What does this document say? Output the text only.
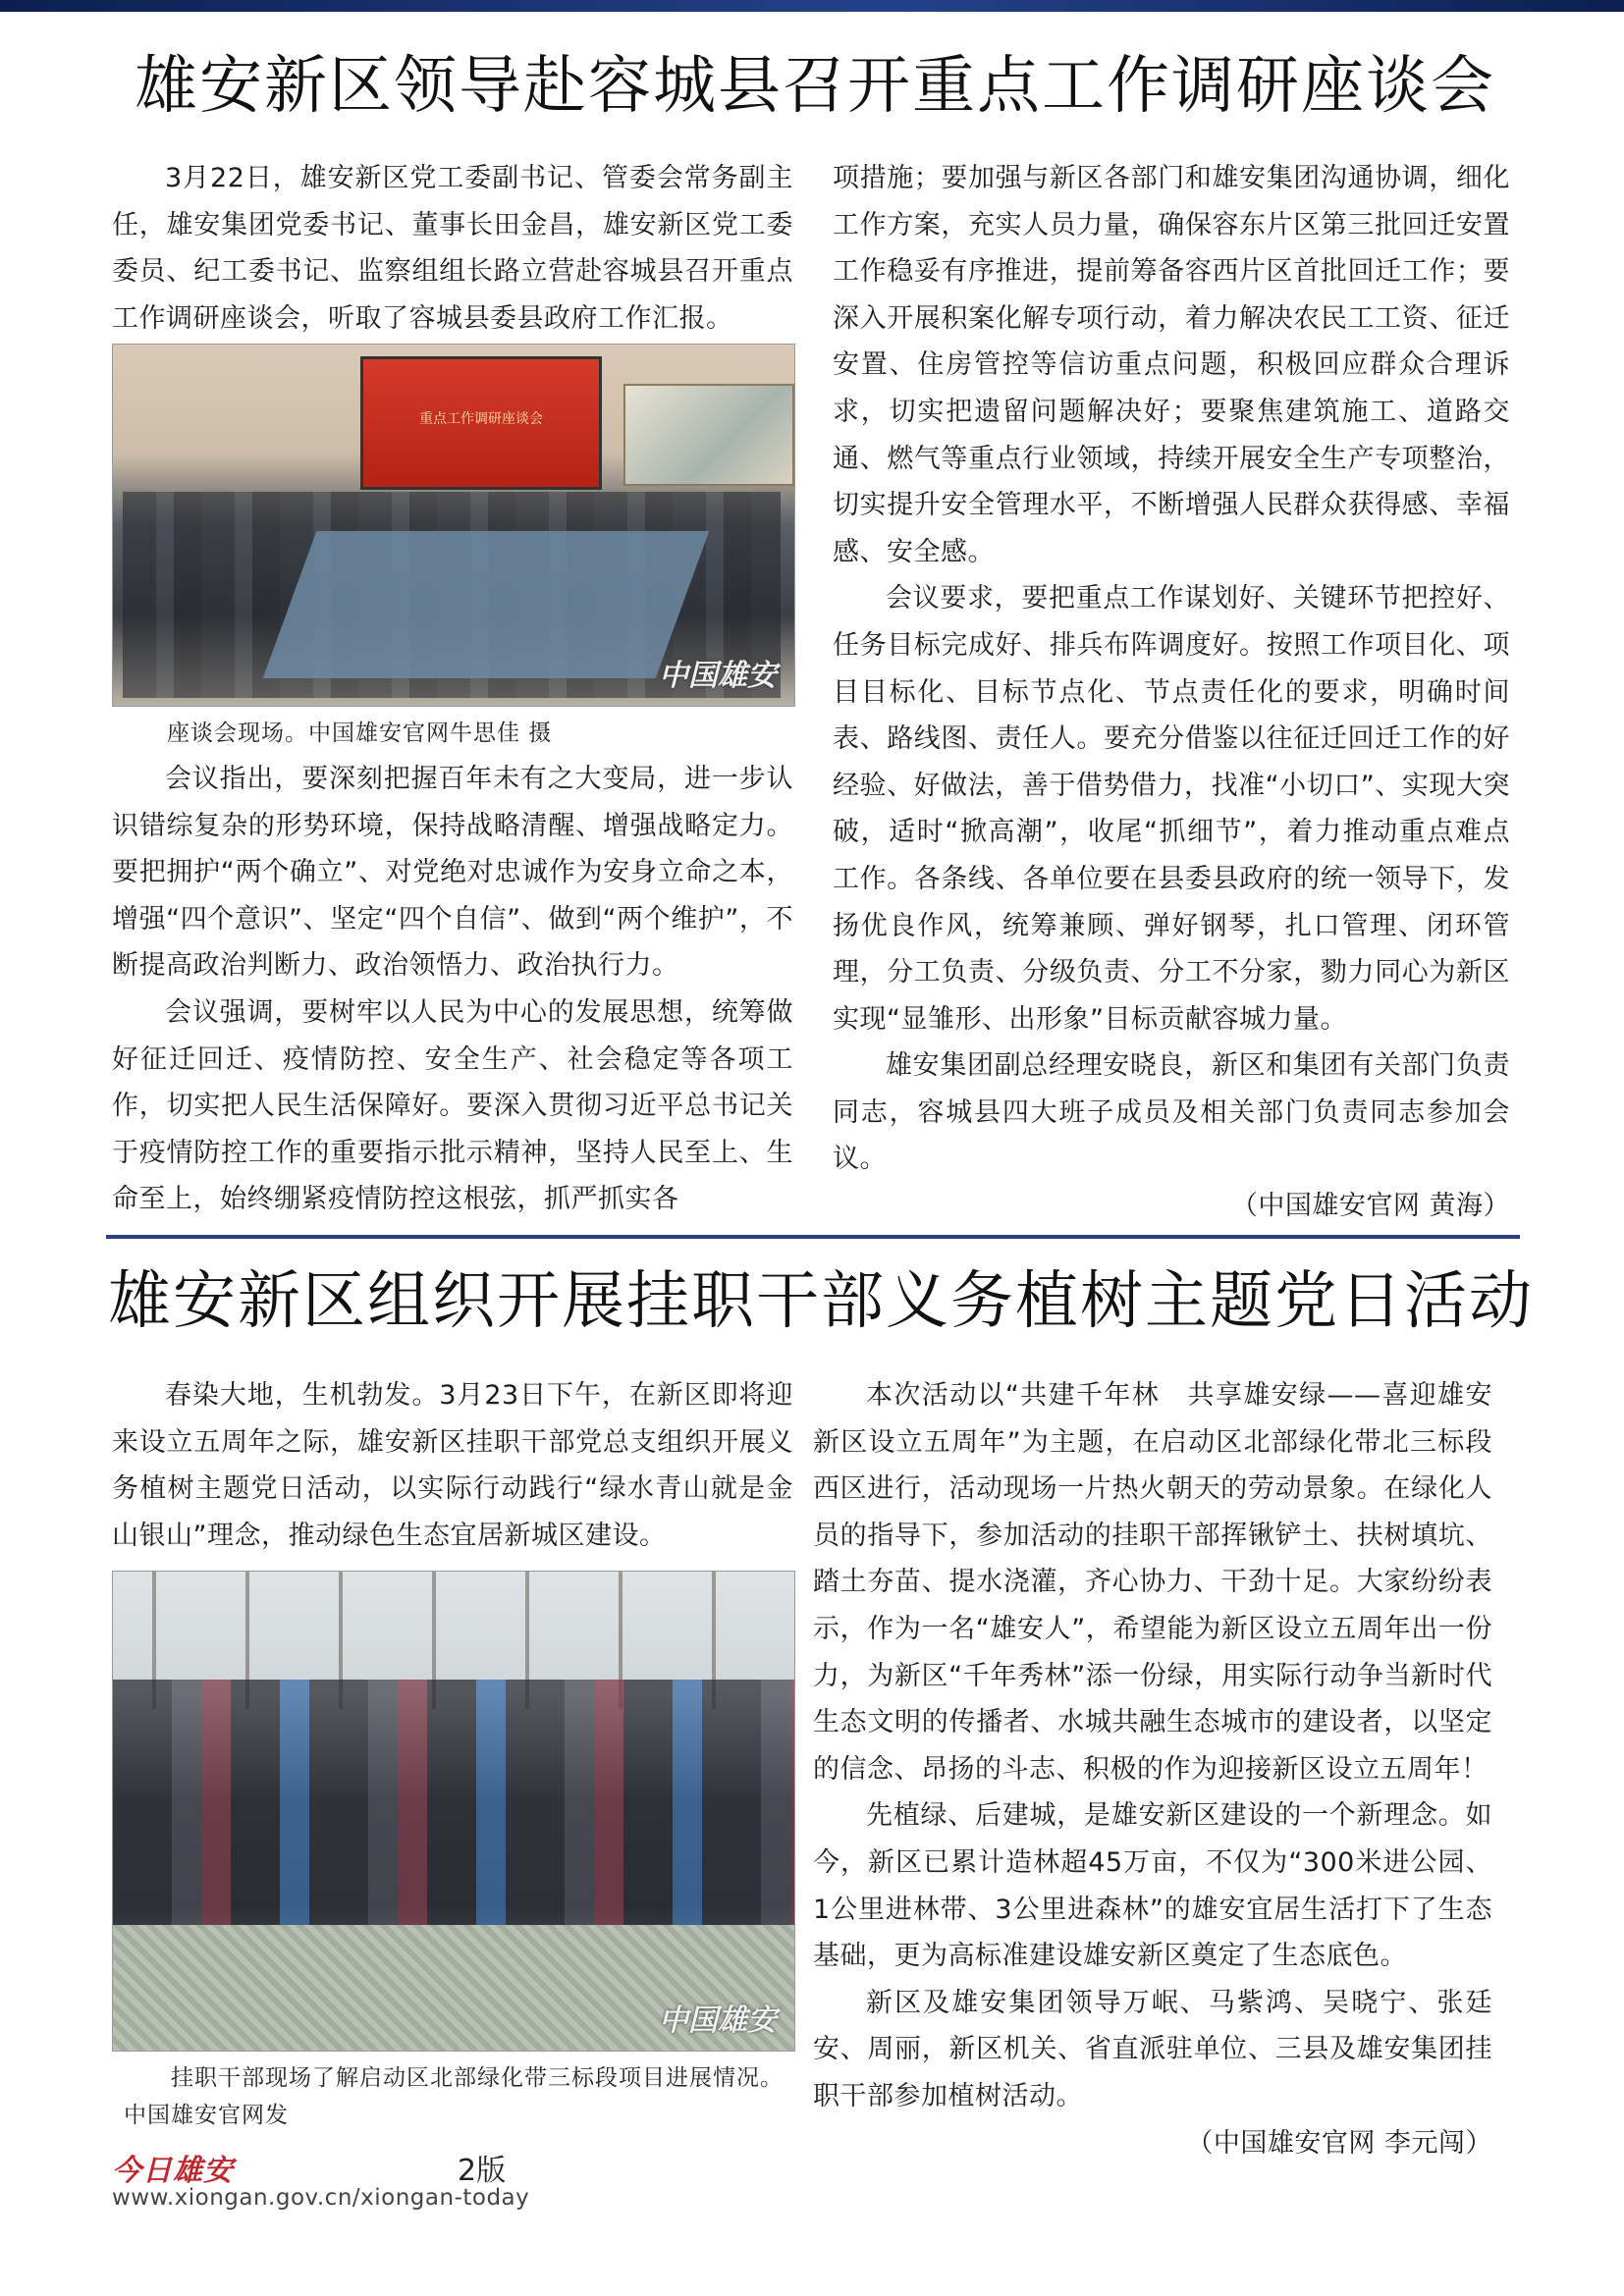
雄安新区领导赴容城县召开重点工作调研座谈会

3月22日，雄安新区党工委副书记、管委会常务副主任，雄安集团党委书记、董事长田金昌，雄安新区党工委委员、纪工委书记、监察组组长路立营赴容城县召开重点工作调研座谈会，听取了容城县委县政府工作汇报。

重点工作调研座谈会
中国雄安
座谈会现场。中国雄安官网牛思佳 摄

会议指出，要深刻把握百年未有之大变局，进一步认识错综复杂的形势环境，保持战略清醒、增强战略定力。要把拥护“两个确立”、对党绝对忠诚作为安身立命之本，增强“四个意识”、坚定“四个自信”、做到“两个维护”，不断提高政治判断力、政治领悟力、政治执行力。

会议强调，要树牢以人民为中心的发展思想，统筹做好征迁回迁、疫情防控、安全生产、社会稳定等各项工作，切实把人民生活保障好。要深入贯彻习近平总书记关于疫情防控工作的重要指示批示精神，坚持人民至上、生命至上，始终绷紧疫情防控这根弦，抓严抓实各

项措施；要加强与新区各部门和雄安集团沟通协调，细化工作方案，充实人员力量，确保容东片区第三批回迁安置工作稳妥有序推进，提前筹备容西片区首批回迁工作；要深入开展积案化解专项行动，着力解决农民工工资、征迁安置、住房管控等信访重点问题，积极回应群众合理诉求，切实把遗留问题解决好；要聚焦建筑施工、道路交通、燃气等重点行业领域，持续开展安全生产专项整治，切实提升安全管理水平，不断增强人民群众获得感、幸福感、安全感。

会议要求，要把重点工作谋划好、关键环节把控好、任务目标完成好、排兵布阵调度好。按照工作项目化、项目目标化、目标节点化、节点责任化的要求，明确时间表、路线图、责任人。要充分借鉴以往征迁回迁工作的好经验、好做法，善于借势借力，找准“小切口”、实现大突破，适时“掀高潮”，收尾“抓细节”，着力推动重点难点工作。各条线、各单位要在县委县政府的统一领导下，发扬优良作风，统筹兼顾、弹好钢琴，扎口管理、闭环管理，分工负责、分级负责、分工不分家，勠力同心为新区实现“显雏形、出形象”目标贡献容城力量。

雄安集团副总经理安晓良，新区和集团有关部门负责同志，容城县四大班子成员及相关部门负责同志参加会议。

（中国雄安官网 黄海）
雄安新区组织开展挂职干部义务植树主题党日活动

春染大地，生机勃发。3月23日下午，在新区即将迎来设立五周年之际，雄安新区挂职干部党总支组织开展义务植树主题党日活动，以实际行动践行“绿水青山就是金山银山”理念，推动绿色生态宜居新城区建设。

中国雄安
挂职干部现场了解启动区北部绿化带三标段项目进展情况。中国雄安官网发

本次活动以“共建千年林　共享雄安绿——喜迎雄安新区设立五周年”为主题，在启动区北部绿化带北三标段西区进行，活动现场一片热火朝天的劳动景象。在绿化人员的指导下，参加活动的挂职干部挥锹铲土、扶树填坑、踏土夯苗、提水浇灌，齐心协力、干劲十足。大家纷纷表示，作为一名“雄安人”，希望能为新区设立五周年出一份力，为新区“千年秀林”添一份绿，用实际行动争当新时代生态文明的传播者、水城共融生态城市的建设者，以坚定的信念、昂扬的斗志、积极的作为迎接新区设立五周年！

先植绿、后建城，是雄安新区建设的一个新理念。如今，新区已累计造林超45万亩，不仅为“300米进公园、1公里进林带、3公里进森林”的雄安宜居生活打下了生态基础，更为高标准建设雄安新区奠定了生态底色。

新区及雄安集团领导万岷、马紫鸿、吴晓宁、张廷安、周丽，新区机关、省直派驻单位、三县及雄安集团挂职干部参加植树活动。

（中国雄安官网 李元闯）
今日雄安	2版
www.xiongan.gov.cn/xiongan-today
